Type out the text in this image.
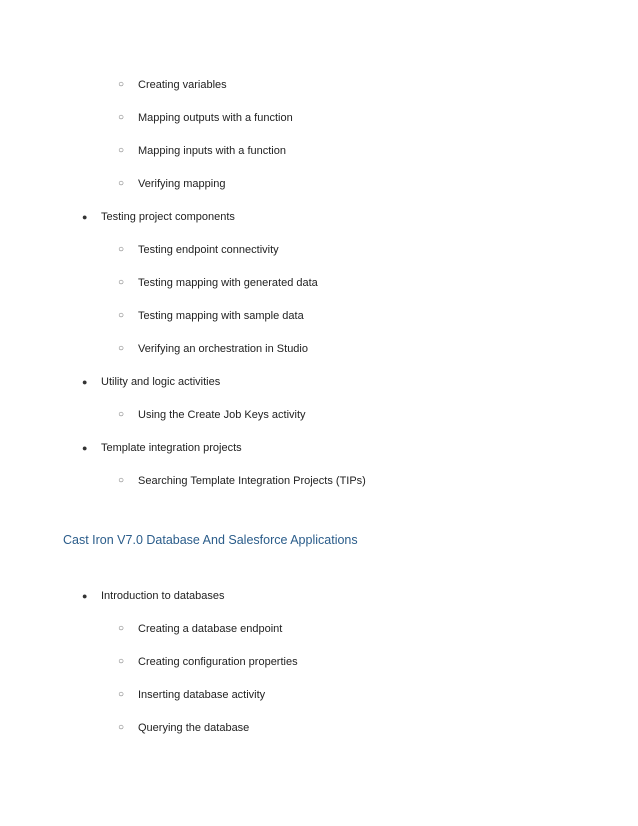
○ Creating variables
○ Mapping outputs with a function
○ Mapping inputs with a function
○ Verifying mapping
● Testing project components
○ Testing endpoint connectivity
○ Testing mapping with generated data
○ Testing mapping with sample data
○ Verifying an orchestration in Studio
● Utility and logic activities
○ Using the Create Job Keys activity
● Template integration projects
○ Searching Template Integration Projects (TIPs)
Cast Iron V7.0 Database And Salesforce Applications
● Introduction to databases
○ Creating a database endpoint
○ Creating configuration properties
○ Inserting database activity
○ Querying the database
